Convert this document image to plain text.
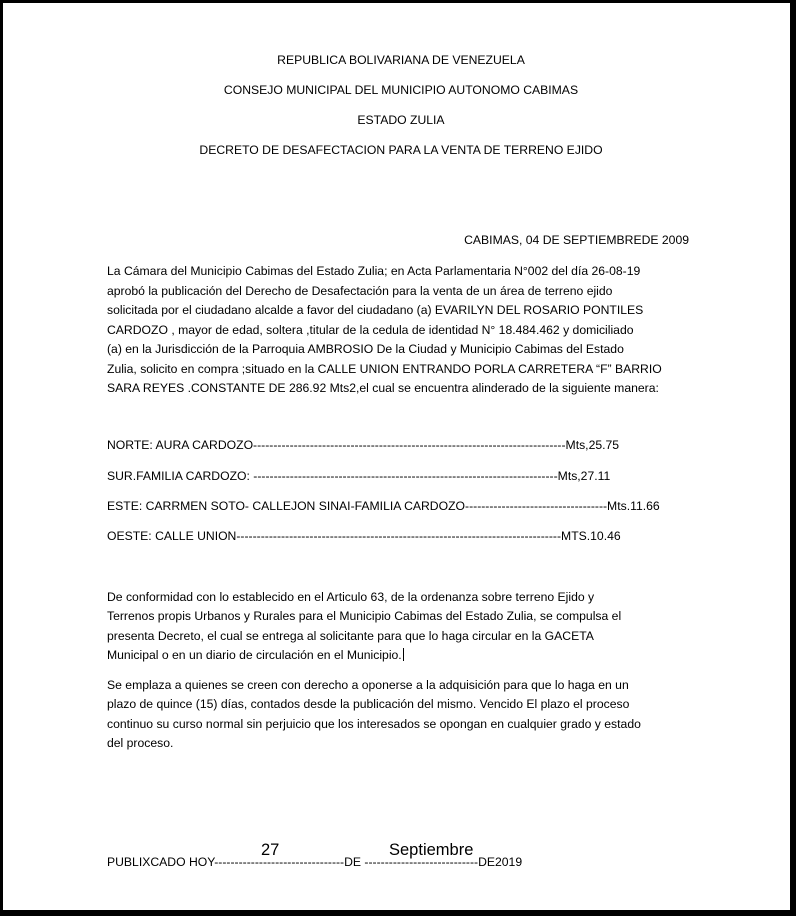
REPUBLICA BOLIVARIANA DE VENEZUELA
CONSEJO MUNICIPAL DEL MUNICIPIO AUTONOMO CABIMAS
ESTADO ZULIA
DECRETO DE DESAFECTACION PARA LA VENTA DE TERRENO EJIDO
CABIMAS, 04 DE SEPTIEMBREDE 2009
La Cámara del Municipio Cabimas del Estado Zulia; en Acta Parlamentaria N°002 del día 26-08-19
aprobó la publicación del Derecho de Desafectación para la venta de un área de terreno ejido
solicitada por el ciudadano alcalde a favor del ciudadano (a) EVARILYN DEL ROSARIO PONTILES
CARDOZO , mayor de edad, soltera ,titular de la cedula de identidad N° 18.484.462 y domiciliado
(a) en la Jurisdicción de la Parroquia AMBROSIO De la Ciudad y Municipio Cabimas del Estado
Zulia, solicito en compra ;situado en la CALLE UNION ENTRANDO PORLA CARRETERA “F” BARRIO
SARA REYES .CONSTANTE DE 286.92 Mts2,el cual se encuentra alinderado de la siguiente manera:
NORTE: AURA CARDOZO-----------------------------------------------------------------------------Mts,25.75
SUR.FAMILIA CARDOZO: ---------------------------------------------------------------------------Mts,27.11
ESTE: CARRMEN SOTO- CALLEJON SINAI-FAMILIA CARDOZO-----------------------------------Mts.11.66
OESTE: CALLE UNION--------------------------------------------------------------------------------MTS.10.46
De conformidad con lo establecido en el Articulo 63, de la ordenanza sobre terreno Ejido y
Terrenos propis Urbanos y Rurales para el Municipio Cabimas del Estado Zulia, se compulsa el
presenta Decreto, el cual se entrega al solicitante para que lo haga circular en la GACETA
Municipal o en un diario de circulación en el Municipio.
Se emplaza a quienes se creen con derecho a oponerse a la adquisición para que lo haga en un
plazo de quince (15) días, contados desde la publicación del mismo. Vencido El plazo el proceso
continuo su curso normal sin perjuicio que los interesados se opongan en cualquier grado y estado
del proceso.
27	Septiembre
PUBLIXCADO HOY--------------------------------DE ----------------------------DE2019
